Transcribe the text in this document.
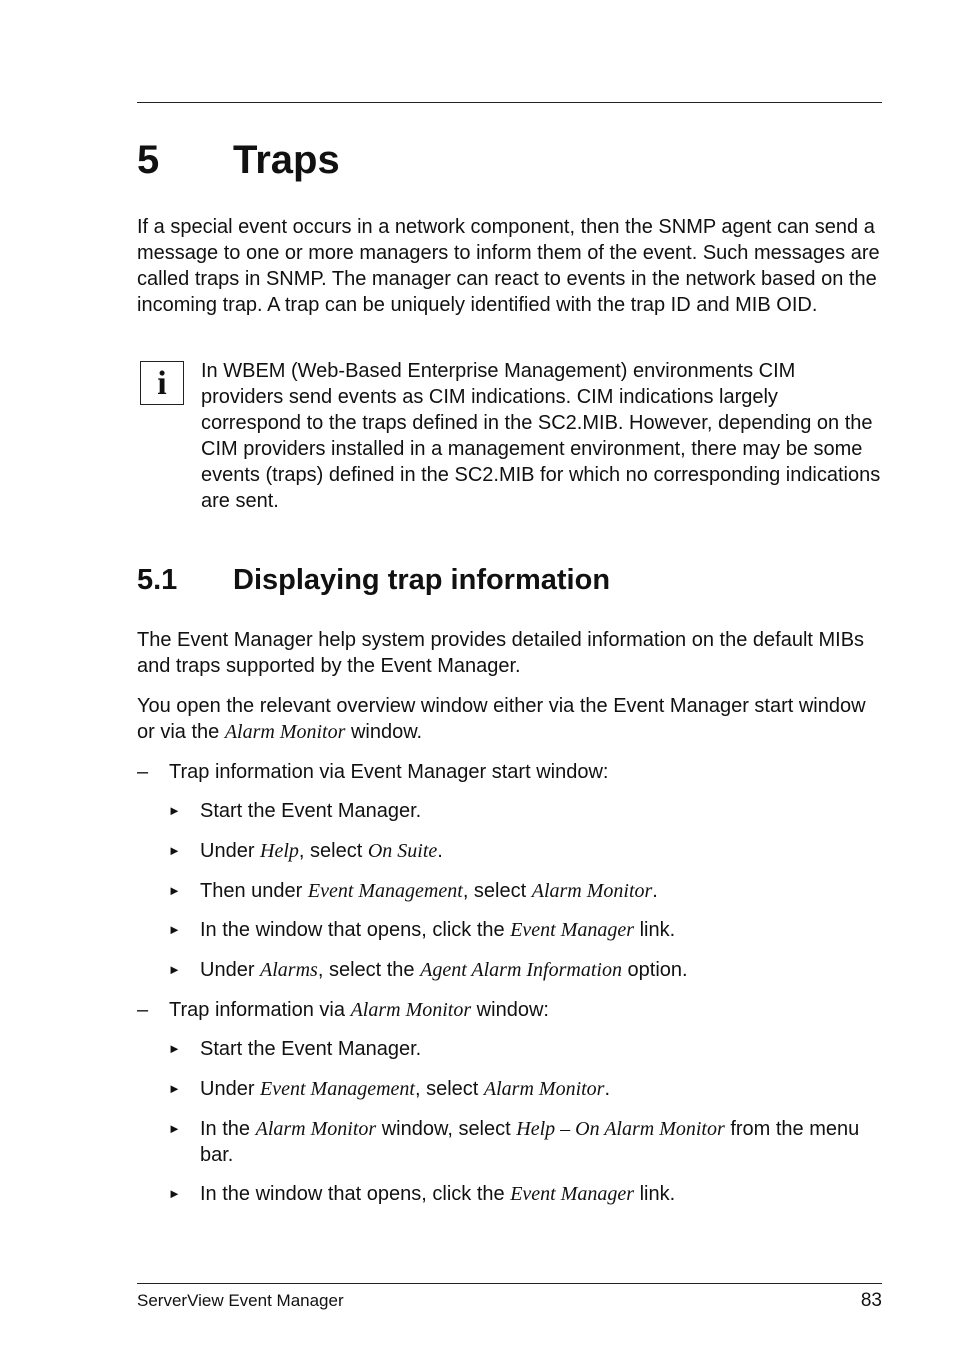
5 Traps

If a special event occurs in a network component, then the SNMP agent can send a message to one or more managers to inform them of the event. Such messages are called traps in SNMP. The manager can react to events in the network based on the incoming trap. A trap can be uniquely identified with the trap ID and MIB OID.

i	In WBEM (Web-Based Enterprise Management) environments CIM providers send events as CIM indications. CIM indications largely correspond to the traps defined in the SC2.MIB. However, depending on the CIM providers installed in a management environment, there may be some events (traps) defined in the SC2.MIB for which no corresponding indications are sent.

5.1 Displaying trap information

The Event Manager help system provides detailed information on the default MIBs and traps supported by the Event Manager.

You open the relevant overview window either via the Event Manager start window or via the Alarm Monitor window.

– Trap information via Event Manager start window:
► Start the Event Manager.
► Under Help, select On Suite.
► Then under Event Management, select Alarm Monitor.
► In the window that opens, click the Event Manager link.
► Under Alarms, select the Agent Alarm Information option.
– Trap information via Alarm Monitor window:
► Start the Event Manager.
► Under Event Management, select Alarm Monitor.
► In the Alarm Monitor window, select Help – On Alarm Monitor from the menu bar.
► In the window that opens, click the Event Manager link.
ServerView Event Manager	83
